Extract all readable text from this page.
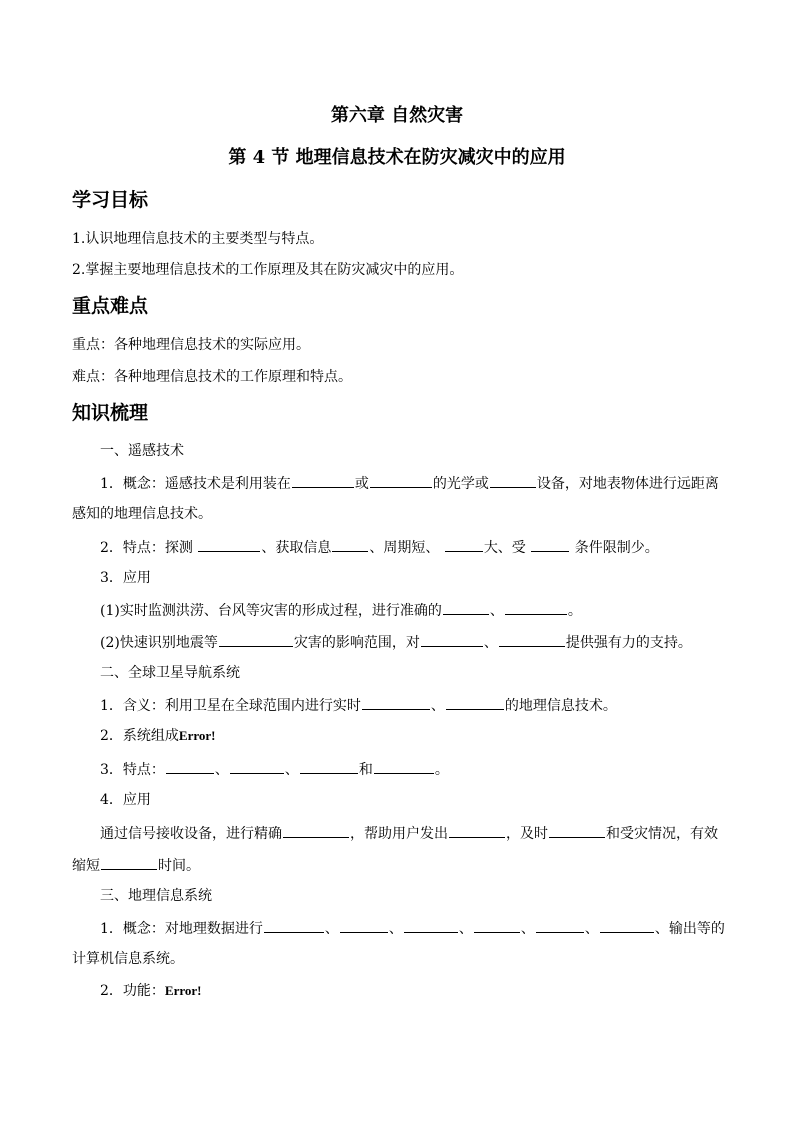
第六章 自然灾害
第 4 节 地理信息技术在防灾减灾中的应用
学习目标
1.认识地理信息技术的主要类型与特点。
2.掌握主要地理信息技术的工作原理及其在防灾减灾中的应用。
重点难点
重点：各种地理信息技术的实际应用。
难点：各种地理信息技术的工作原理和特点。
知识梳理
一、遥感技术
1．概念：遥感技术是利用装在	或	的光学或	设备，对地表物体进行远距离
感知的地理信息技术。
2．特点：探测	、获取信息	、周期短、	大、受	条件限制少。
3．应用
(1)实时监测洪涝、台风等灾害的形成过程，进行准确的	、	。
(2)快速识别地震等	灾害的影响范围，对	、	提供强有力的支持。
二、全球卫星导航系统
1．含义：利用卫星在全球范围内进行实时	、	的地理信息技术。
2．系统组成Error!
3．特点：	、	、	和	。
4．应用
通过信号接收设备，进行精确	，帮助用户发出	，及时	和受灾情况，有效
缩短	时间。
三、地理信息系统
1．概念：对地理数据进行	、	、	、	、	、	、输出等的
计算机信息系统。
2．功能：Error!
